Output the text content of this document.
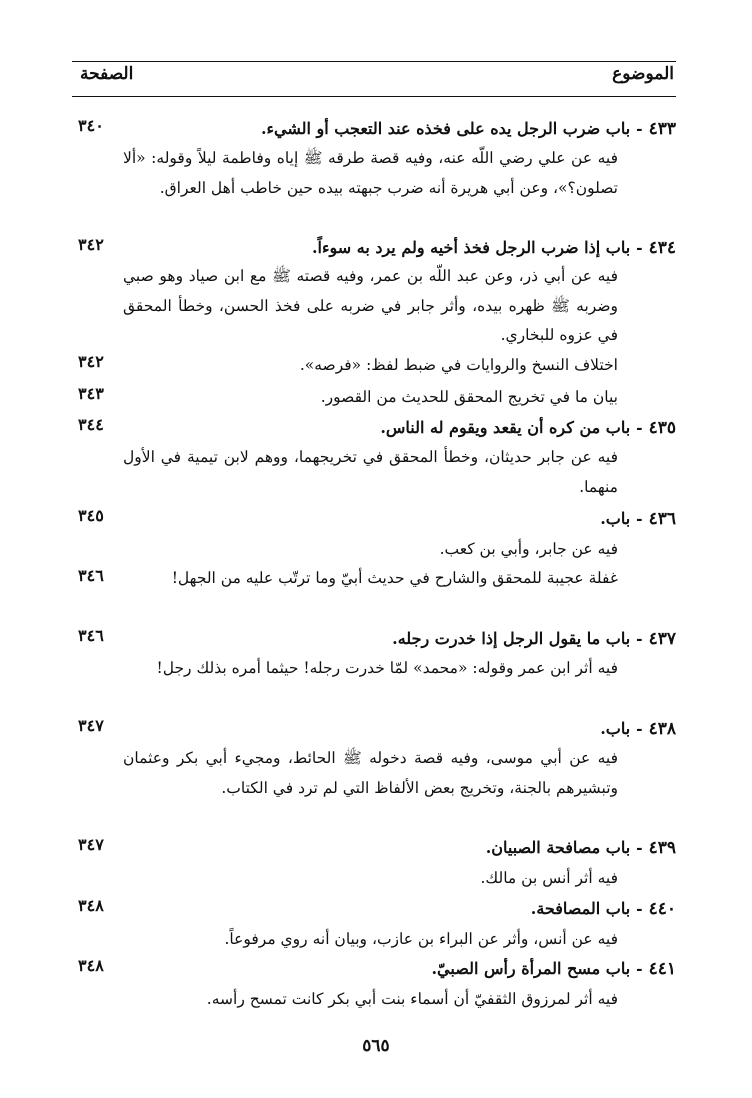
الموضوع
الصفحة
٤٣٣-باب ضرب الرجل يده على فخذه عند التعجب أو الشيء.
٣٤٠
فيه عن علي رضي اللّه عنه، وفيه قصة طرقه ﷺ إياه وفاطمة ليلاً وقوله: «ألا تصلون؟»، وعن أبي هريرة أنه ضرب جبهته بيده حين خاطب أهل العراق.
٤٣٤-باب إذا ضرب الرجل فخذ أخيه ولم يرد به سوءاً.
٣٤٢
فيه عن أبي ذر، وعن عبد اللّه بن عمر، وفيه قصته ﷺ مع ابن صياد وهو صبي وضربه ﷺ ظهره بيده، وأثر جابر في ضربه على فخذ الحسن، وخطأ المحقق في عزوه للبخاري.
اختلاف النسخ والروايات في ضبط لفظ: «فرصه».
٣٤٢
بيان ما في تخريج المحقق للحديث من القصور.
٣٤٣
٤٣٥-باب من كره أن يقعد ويقوم له الناس.
٣٤٤
فيه عن جابر حديثان، وخطأ المحقق في تخريجهما، ووهم لابن تيمية في الأول منهما.
٤٣٦-باب.
٣٤٥
فيه عن جابر، وأبي بن كعب.
غفلة عجيبة للمحقق والشارح في حديث أبيّ وما ترتّب عليه من الجهل!
٣٤٦
٤٣٧-باب ما يقول الرجل إذا خدرت رجله.
٣٤٦
فيه أثر ابن عمر وقوله: «محمد» لمّا خدرت رجله! حيثما أمره بذلك رجل!
٤٣٨-باب.
٣٤٧
فيه عن أبي موسى، وفيه قصة دخوله ﷺ الحائط، ومجيء أبي بكر وعثمان وتبشيرهم بالجنة، وتخريج بعض الألفاظ التي لم ترد في الكتاب.
٤٣٩-باب مصافحة الصبيان.
٣٤٧
فيه أثر أنس بن مالك.
٤٤٠-باب المصافحة.
٣٤٨
فيه عن أنس، وأثر عن البراء بن عازب، وبيان أنه روي مرفوعاً.
٤٤١-باب مسح المرأة رأس الصبيّ.
٣٤٨
فيه أثر لمرزوق الثقفيّ أن أسماء بنت أبي بكر كانت تمسح رأسه.
٥٦٥
